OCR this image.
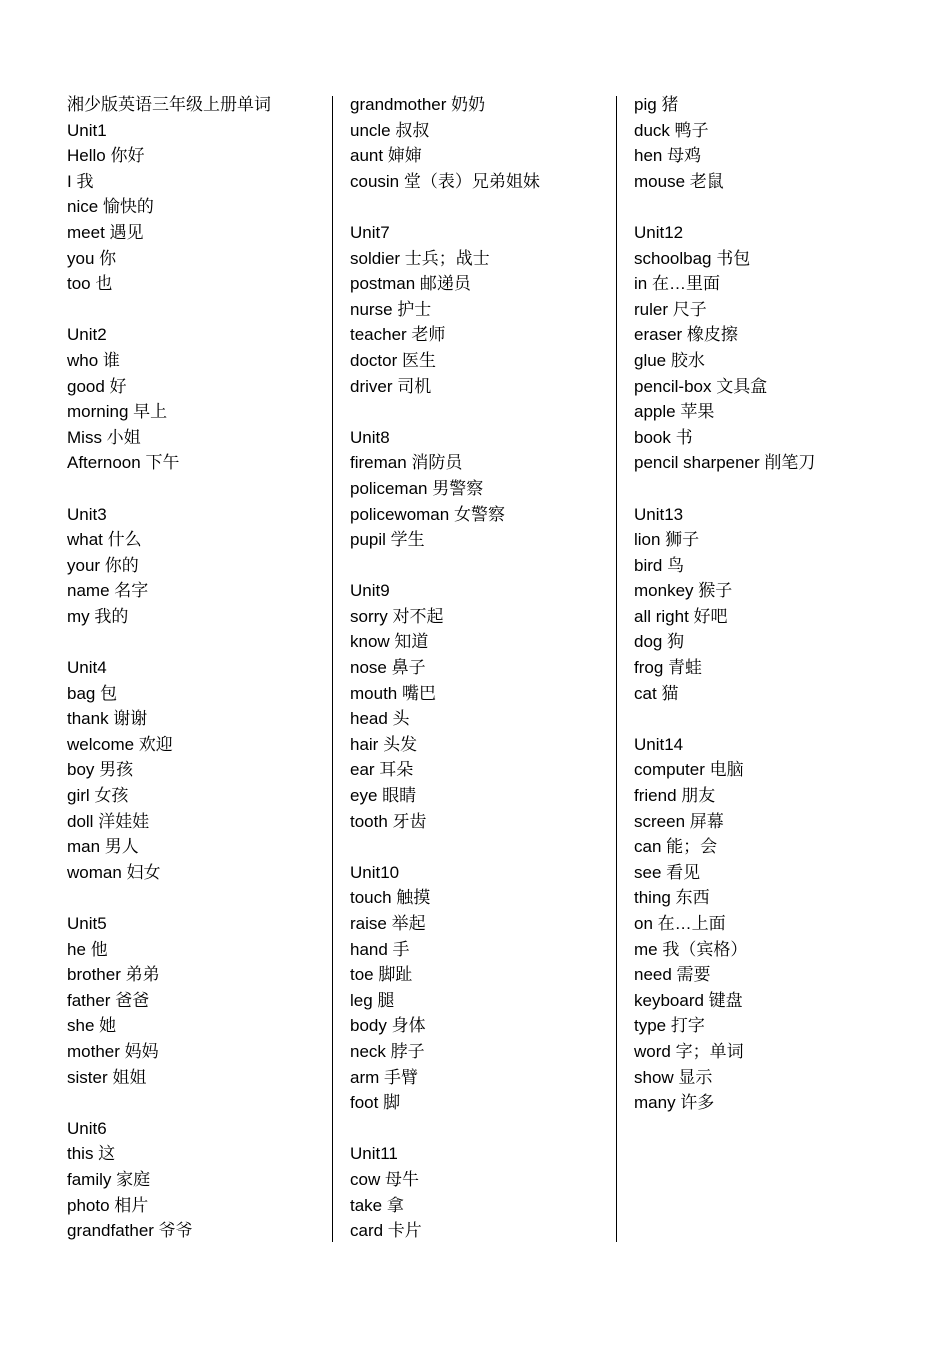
湘少版英语三年级上册单词
Unit1
Hello 你好
I 我
nice 愉快的
meet 遇见
you 你
too 也
Unit2
who 谁
good 好
morning 早上
Miss 小姐
Afternoon 下午
Unit3
what 什么
your 你的
name 名字
my 我的
Unit4
bag 包
thank 谢谢
welcome 欢迎
boy 男孩
girl 女孩
doll 洋娃娃
man 男人
woman 妇女
Unit5
he 他
brother 弟弟
father 爸爸
she 她
mother 妈妈
sister 姐姐
Unit6
this 这
family 家庭
photo 相片
grandfather 爷爷
grandmother 奶奶
uncle 叔叔
aunt 婶婶
cousin 堂（表）兄弟姐妹
Unit7
soldier 士兵；战士
postman 邮递员
nurse 护士
teacher 老师
doctor 医生
driver 司机
Unit8
fireman 消防员
policeman 男警察
policewoman 女警察
pupil 学生
Unit9
sorry 对不起
know 知道
nose 鼻子
mouth 嘴巴
head 头
hair 头发
ear 耳朵
eye 眼睛
tooth 牙齿
Unit10
touch 触摸
raise 举起
hand 手
toe 脚趾
leg 腿
body 身体
neck 脖子
arm 手臂
foot 脚
Unit11
cow 母牛
take 拿
card 卡片
pig 猪
duck 鸭子
hen 母鸡
mouse 老鼠
Unit12
schoolbag 书包
in 在…里面
ruler 尺子
eraser 橡皮擦
glue 胶水
pencil-box 文具盒
apple 苹果
book 书
pencil sharpener 削笔刀
Unit13
lion 狮子
bird 鸟
monkey 猴子
all right 好吧
dog 狗
frog 青蛙
cat 猫
Unit14
computer 电脑
friend 朋友
screen 屏幕
can 能；会
see 看见
thing 东西
on 在…上面
me 我（宾格）
need 需要
keyboard 键盘
type 打字
word 字；单词
show 显示
many 许多
